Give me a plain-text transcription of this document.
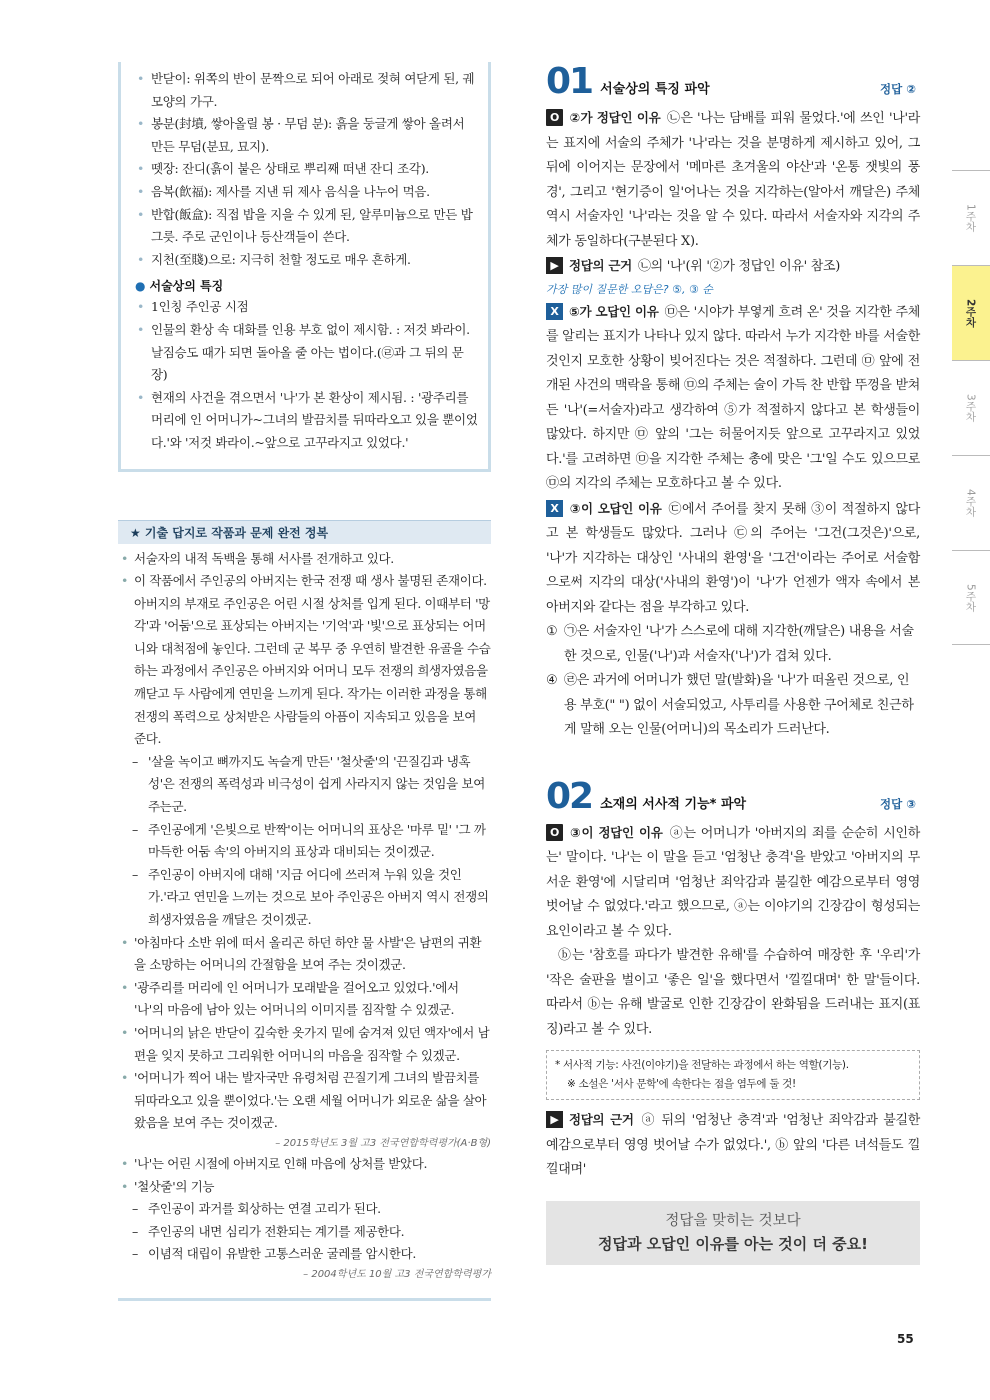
• 반닫이: 위쪽의 반이 문짝으로 되어 아래로 젖혀 여닫게 된, 궤 모양의 가구.
• 봉분(封墳, 쌓아올릴 봉 · 무덤 분): 흙을 둥글게 쌓아 올려서 만든 무덤(분묘, 묘지).
• 뗏장: 잔디(흙이 붙은 상태로 뿌리째 떠낸 잔디 조각).
• 음복(飮福): 제사를 지낸 뒤 제사 음식을 나누어 먹음.
• 반합(飯盒): 직접 밥을 지을 수 있게 된, 알루미늄으로 만든 밥그릇. 주로 군인이나 등산객들이 쓴다.
• 지천(至賤)으로: 지극히 천할 정도로 매우 흔하게.
● 서술상의 특징
• 1인칭 주인공 시점
• 인물의 환상 속 대화를 인용 부호 없이 제시함. : 저것 봐라이. 날짐승도 때가 되면 돌아올 줄 아는 법이다.(㉣과 그 뒤의 문장)
• 현재의 사건을 겪으면서 '나'가 본 환상이 제시됨. : '광주리를 머리에 인 어머니가~그녀의 발끔치를 뒤따라오고 있을 뿐이었다.'와 '저것 봐라이.~앞으로 고꾸라지고 있었다.'
★ 기출 답지로 작품과 문제 완전 정복
• 서술자의 내적 독백을 통해 서사를 전개하고 있다.
• 이 작품에서 주인공의 아버지는 한국 전쟁 때 생사 불명된 존재이다. 아버지의 부재로 주인공은 어린 시절 상처를 입게 된다. 이때부터 '망각'과 '어둠'으로 표상되는 아버지는 '기억'과 '빛'으로 표상되는 어머니와 대척점에 놓인다. 그런데 군 복무 중 우연히 발견한 유골을 수습하는 과정에서 주인공은 아버지와 어머니 모두 전쟁의 희생자였음을 깨닫고 두 사람에게 연민을 느끼게 된다. 작가는 이러한 과정을 통해 전쟁의 폭력으로 상처받은 사람들의 아픔이 지속되고 있음을 보여 준다.
– '살을 녹이고 뼈까지도 녹슬게 만든' '철삿줄'의 '끈질김과 냉혹성'은 전쟁의 폭력성과 비극성이 쉽게 사라지지 않는 것임을 보여 주는군.
– 주인공에게 '은빛으로 반짝'이는 어머니의 표상은 '마루 밑' '그 까마득한 어둠 속'의 아버지의 표상과 대비되는 것이겠군.
– 주인공이 아버지에 대해 '지금 어디에 쓰러져 누워 있을 것인가.'라고 연민을 느끼는 것으로 보아 주인공은 아버지 역시 전쟁의 희생자였음을 깨달은 것이겠군.
• '아침마다 소반 위에 떠서 올리곤 하던 하얀 물 사발'은 남편의 귀환을 소망하는 어머니의 간절함을 보여 주는 것이겠군.
• '광주리를 머리에 인 어머니가 모래밭을 걸어오고 있었다.'에서 '나'의 마음에 남아 있는 어머니의 이미지를 짐작할 수 있겠군.
• '어머니의 낡은 반닫이 깊숙한 옷가지 밑에 숨겨져 있던 액자'에서 남편을 잊지 못하고 그리워한 어머니의 마음을 짐작할 수 있겠군.
• '어머니가 찍어 내는 발자국만 유령처럼 끈질기게 그녀의 발끔치를 뒤따라오고 있을 뿐이었다.'는 오랜 세월 어머니가 외로운 삶을 살아왔음을 보여 주는 것이겠군.
– 2015학년도 3월 고3 전국연합학력평가(A·B형)
• '나'는 어린 시절에 아버지로 인해 마음에 상처를 받았다.
• '철삿줄'의 기능
– 주인공이 과거를 회상하는 연결 고리가 된다.
– 주인공의 내면 심리가 전환되는 계기를 제공한다.
– 이념적 대립이 유발한 고통스러운 굴레를 암시한다.
– 2004학년도 10월 고3 전국연합학력평가
01 서술상의 특징 파악	정답 ②

O ②가 정답인 이유 ㉡은 '나는 담배를 피워 물었다.'에 쓰인 '나'라는 표지에 서술의 주체가 '나'라는 것을 분명하게 제시하고 있어, 그 뒤에 이어지는 문장에서 '메마른 초겨울의 야산'과 '온통 잿빛의 풍경', 그리고 '현기증이 일'어나는 것을 지각하는(알아서 깨달은) 주체 역시 서술자인 '나'라는 것을 알 수 있다. 따라서 서술자와 지각의 주체가 동일하다(구분된다 X).

▶ 정답의 근거 ㉡의 '나'(위 '②가 정답인 이유' 참조)

가장 많이 질문한 오답은? ⑤, ③ 순

X ⑤가 오답인 이유 ㉤은 '시야가 부옇게 흐려 온' 것을 지각한 주체를 알리는 표지가 나타나 있지 않다. 따라서 누가 지각한 바를 서술한 것인지 모호한 상황이 빚어진다는 것은 적절하다. 그런데 ㉤ 앞에 전개된 사건의 맥락을 통해 ㉤의 주체는 술이 가득 찬 반합 뚜껑을 받쳐 든 '나'(=서술자)라고 생각하여 ⑤가 적절하지 않다고 본 학생들이 많았다. 하지만 ㉤ 앞의 '그는 허물어지듯 앞으로 고꾸라지고 있었다.'를 고려하면 ㉤을 지각한 주체는 총에 맞은 '그'일 수도 있으므로 ㉤의 지각의 주체는 모호하다고 볼 수 있다.

X ③이 오답인 이유 ㉢에서 주어를 찾지 못해 ③이 적절하지 않다고 본 학생들도 많았다. 그러나 ㉢의 주어는 '그건(그것은)'으로, '나'가 지각하는 대상인 '사내의 환영'을 '그건'이라는 주어로 서술함으로써 지각의 대상('사내의 환영')이 '나'가 언젠가 액자 속에서 본 아버지와 같다는 점을 부각하고 있다.

① ㉠은 서술자인 '나'가 스스로에 대해 지각한(깨달은) 내용을 서술한 것으로, 인물('나')과 서술자('나')가 겹쳐 있다.
④ ㉣은 과거에 어머니가 했던 말(발화)을 '나'가 떠올린 것으로, 인용 부호(" ") 없이 서술되었고, 사투리를 사용한 구어체로 친근하게 말해 오는 인물(어머니)의 목소리가 드러난다.
02 소재의 서사적 기능* 파악	정답 ③

O ③이 정답인 이유 ⓐ는 어머니가 '아버지의 죄를 순순히 시인하는' 말이다. '나'는 이 말을 듣고 '엄청난 충격'을 받았고 '아버지의 무서운 환영'에 시달리며 '엄청난 죄악감과 불길한 예감으로부터 영영 벗어날 수 없었다.'라고 했으므로, ⓐ는 이야기의 긴장감이 형성되는 요인이라고 볼 수 있다.

ⓑ는 '참호를 파다가 발견한 유해'를 수습하여 매장한 후 '우리'가 '작은 술판을 벌이고 '좋은 일'을 했다면서 '낄낄대며' 한 말'들이다. 따라서 ⓑ는 유해 발굴로 인한 긴장감이 완화됨을 드러내는 표지(표징)라고 볼 수 있다.

* 서사적 기능: 사건(이야기)을 전달하는 과정에서 하는 역할(기능).
※ 소설은 '서사 문학'에 속한다는 점을 염두에 둘 것!

▶ 정답의 근거 ⓐ 뒤의 '엄청난 충격'과 '엄청난 죄악감과 불길한 예감으로부터 영영 벗어날 수가 없었다.', ⓑ 앞의 '다른 녀석들도 낄낄대며'

정답을 맞히는 것보다
정답과 오답인 이유를 아는 것이 더 중요!
1주차
2주차
3주차
4주차
5주차
55
